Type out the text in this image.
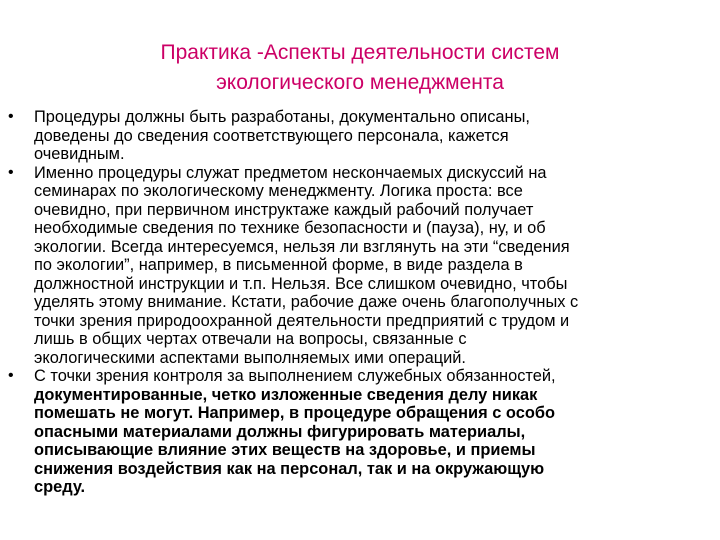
Практика -Аспекты деятельности систем
экологического менеджмента
•	Процедуры должны быть разработаны, документально описаны,
доведены до сведения соответствующего персонала, кажется
очевидным.
•	Именно процедуры служат предметом нескончаемых дискуссий на
семинарах по экологическому менеджменту. Логика проста: все
очевидно, при первичном инструктаже каждый рабочий получает
необходимые сведения по технике безопасности и (пауза), ну, и об
экологии. Всегда интересуемся, нельзя ли взглянуть на эти “сведения
по экологии”, например, в письменной форме, в виде раздела в
должностной инструкции и т.п. Нельзя. Все слишком очевидно, чтобы
уделять этому внимание. Кстати, рабочие даже очень благополучных с
точки зрения природоохранной деятельности предприятий с трудом и
лишь в общих чертах отвечали на вопросы, связанные с
экологическими аспектами выполняемых ими операций.
•	С точки зрения контроля за выполнением служебных обязанностей,
документированные, четко изложенные сведения делу никак
помешать не могут. Например, в процедуре обращения с особо
опасными материалами должны фигурировать материалы,
описывающие влияние этих веществ на здоровье, и приемы
снижения воздействия как на персонал, так и на окружающую
среду.
